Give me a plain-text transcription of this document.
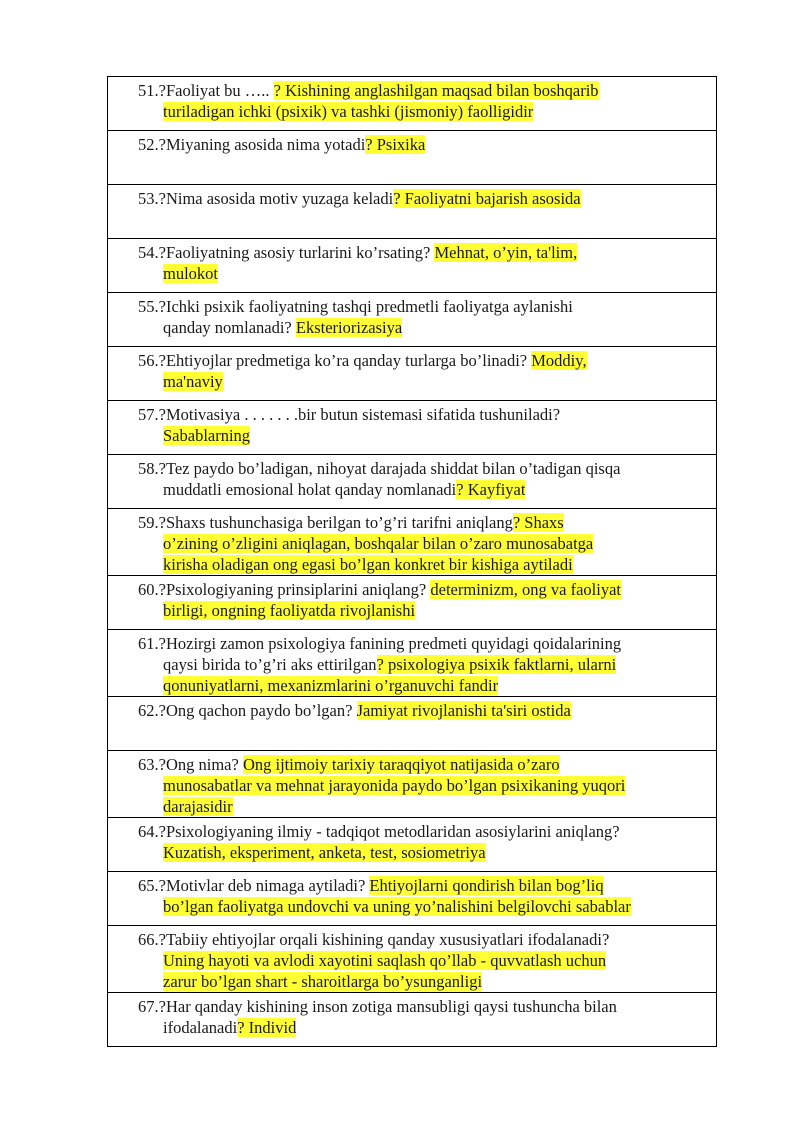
51.?Faoliyat bu ….. ? Kishining anglashilgan maqsad bilan boshqarib
turiladigan ichki (psixik) va tashki (jismoniy) faolligidir
52.?Miyaning asosida nima yotadi? Psixika
53.?Nima asosida motiv yuzaga keladi? Faoliyatni bajarish asosida
54.?Faoliyatning asosiy turlarini ko’rsating? Mehnat, o’yin, ta'lim,
mulokot
55.?Ichki psixik faoliyatning tashqi predmetli faoliyatga aylanishi
qanday nomlanadi? Eksteriorizasiya
56.?Ehtiyojlar predmetiga ko’ra qanday turlarga bo’linadi? Moddiy,
ma'naviy
57.?Motivasiya . . . . . . .bir butun sistemasi sifatida tushuniladi?
Sabablarning
58.?Tez paydo bo’ladigan, nihoyat darajada shiddat bilan o’tadigan qisqa
muddatli emosional holat qanday nomlanadi? Kayfiyat
59.?Shaxs tushunchasiga berilgan to’g’ri tarifni aniqlang? Shaxs
o’zining o’zligini aniqlagan, boshqalar bilan o’zaro munosabatga
kirisha oladigan ong egasi bo’lgan konkret bir kishiga aytiladi
60.?Psixologiyaning prinsiplarini aniqlang? determinizm, ong va faoliyat
birligi, ongning faoliyatda rivojlanishi
61.?Hozirgi zamon psixologiya fanining predmeti quyidagi qoidalarining
qaysi birida to’g’ri aks ettirilgan? psixologiya psixik faktlarni, ularni
qonuniyatlarni, mexanizmlarini o’rganuvchi fandir
62.?Ong qachon paydo bo’lgan? Jamiyat rivojlanishi ta'siri ostida
63.?Ong nima? Ong ijtimoiy tarixiy taraqqiyot natijasida o’zaro
munosabatlar va mehnat jarayonida paydo bo’lgan psixikaning yuqori
darajasidir
64.?Psixologiyaning ilmiy - tadqiqot metodlaridan asosiylarini aniqlang?
Kuzatish, eksperiment, anketa, test, sosiometriya
65.?Motivlar deb nimaga aytiladi? Ehtiyojlarni qondirish bilan bog’liq
bo’lgan faoliyatga undovchi va uning yo’nalishini belgilovchi sabablar
66.?Tabiiy ehtiyojlar orqali kishining qanday xususiyatlari ifodalanadi?
Uning hayoti va avlodi xayotini saqlash qo’llab - quvvatlash uchun
zarur bo’lgan shart - sharoitlarga bo’ysunganligi
67.?Har qanday kishining inson zotiga mansubligi qaysi tushuncha bilan
ifodalanadi? Individ
